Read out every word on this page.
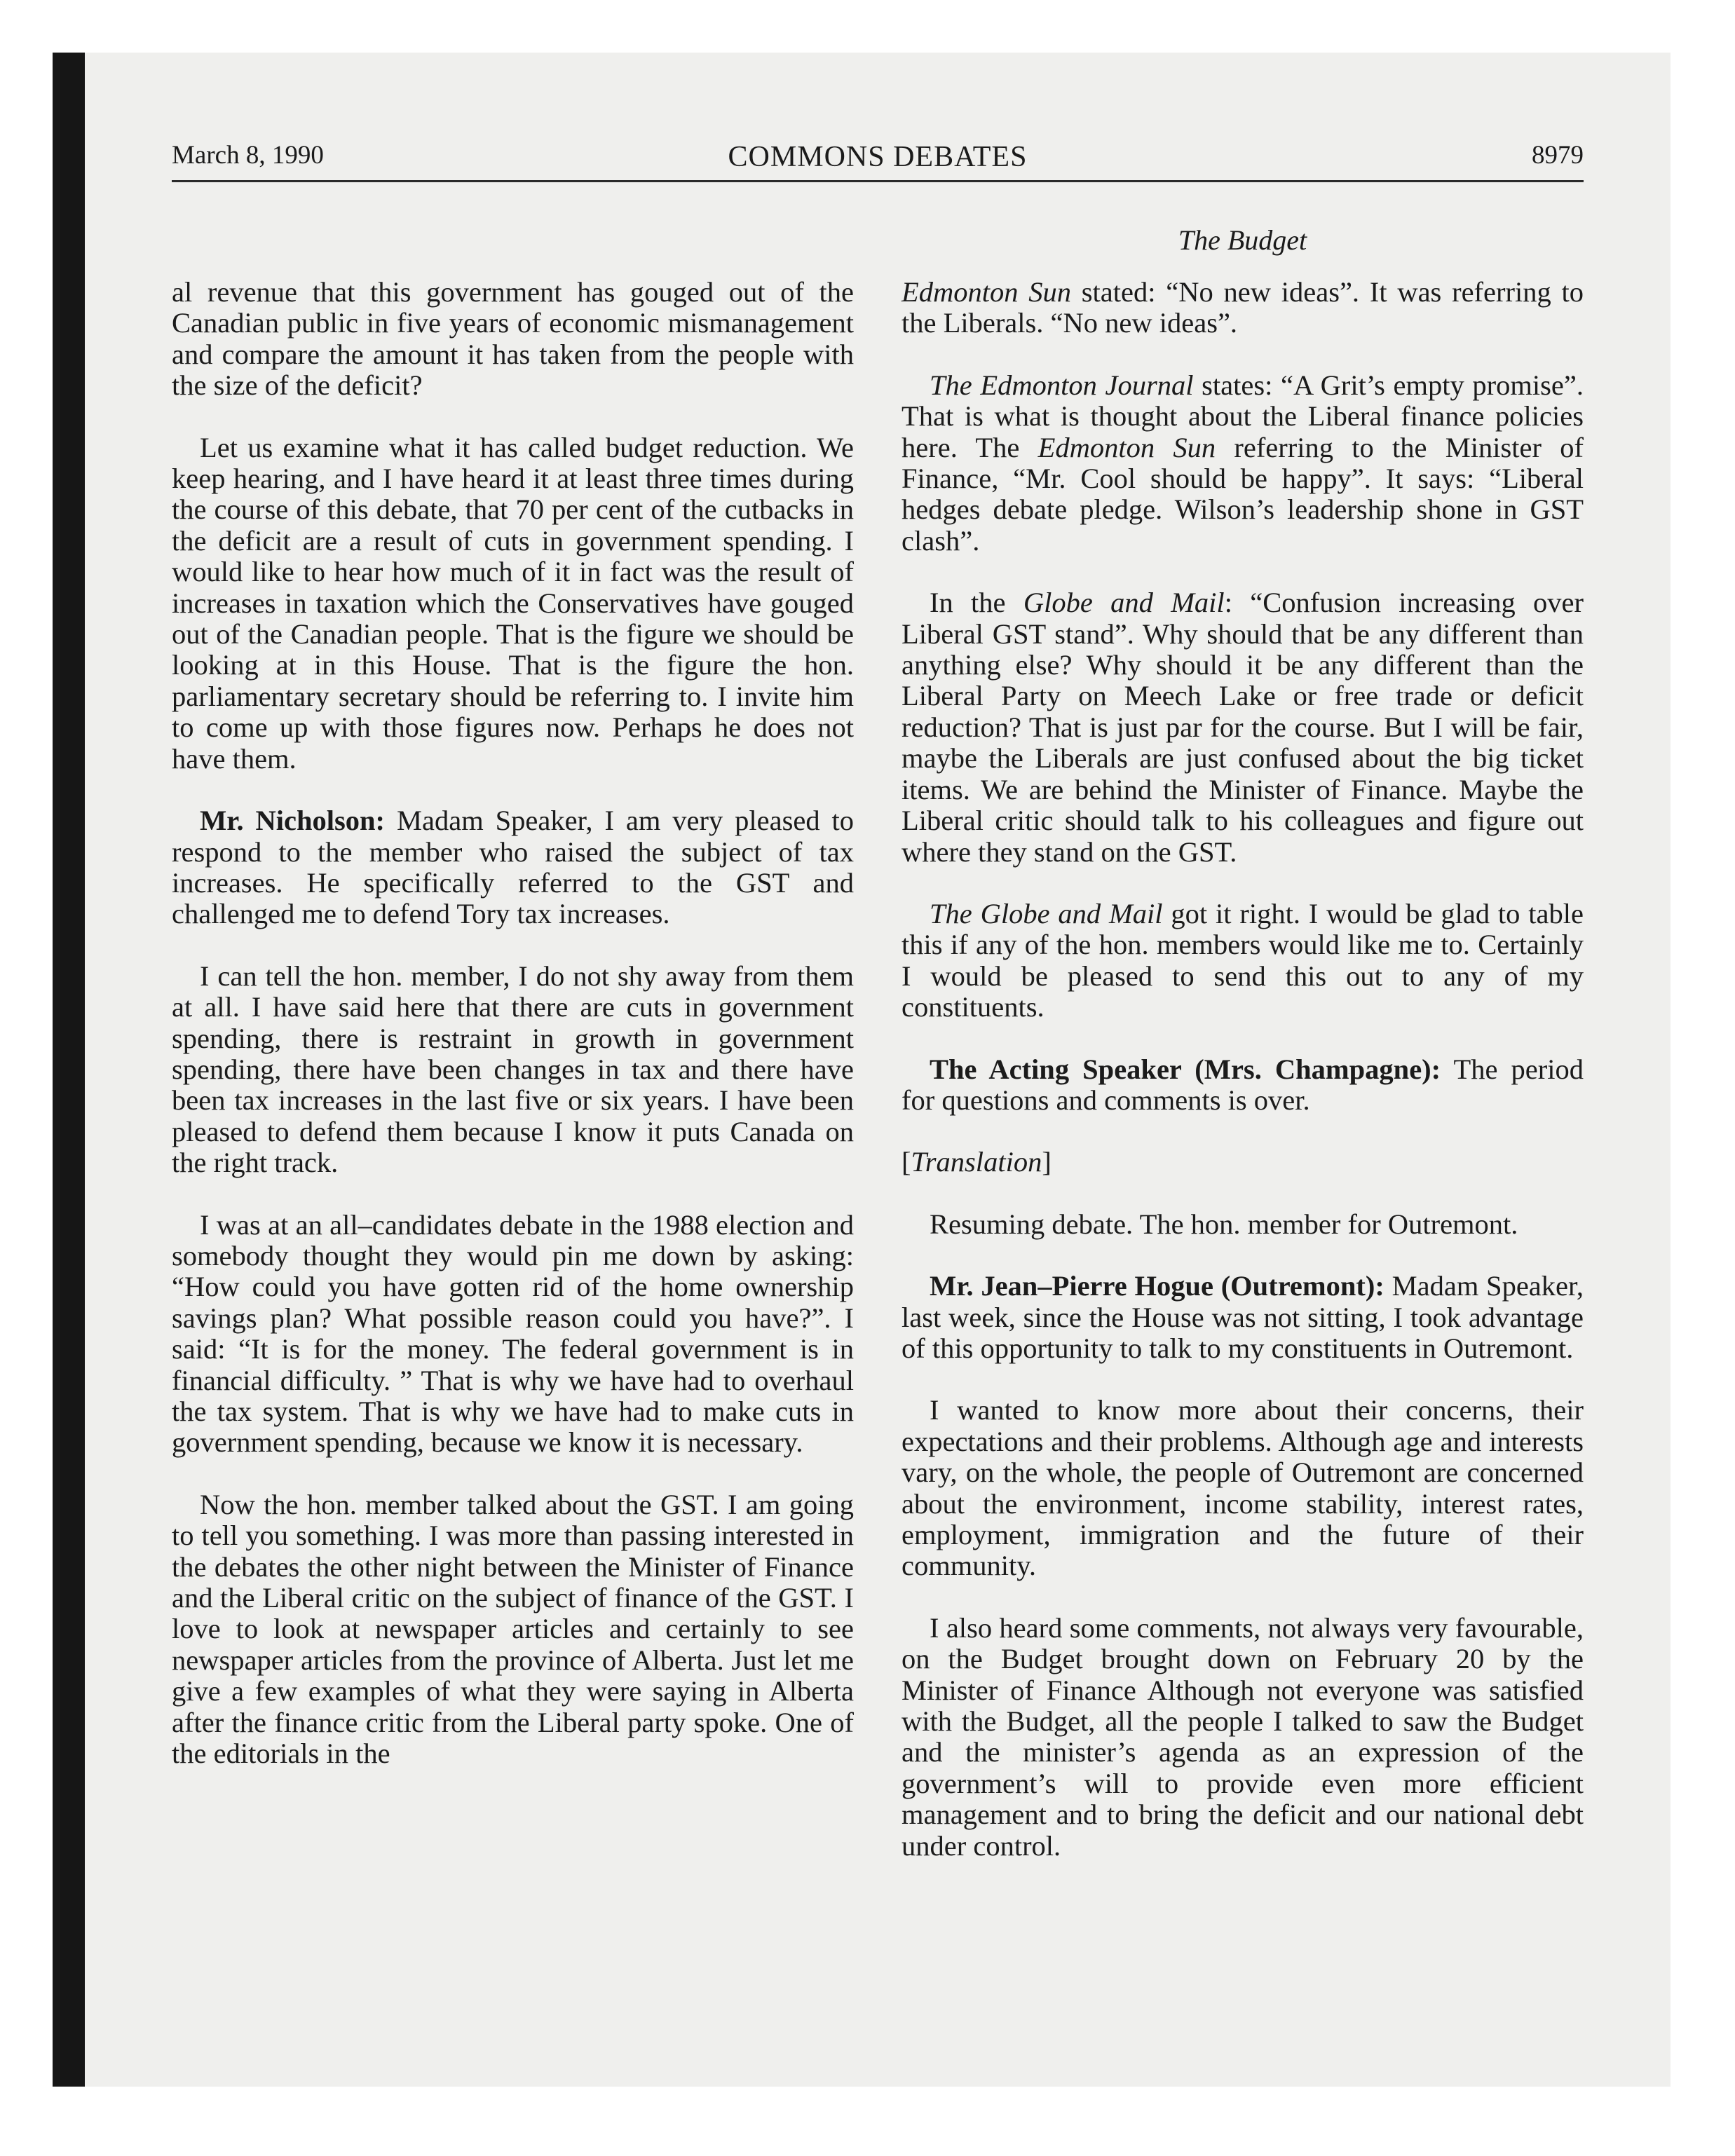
March 8, 1990	COMMONS DEBATES	8979
The Budget

al revenue that this government has gouged out of the Canadian public in five years of economic mismanagement and compare the amount it has taken from the people with the size of the deficit?

Let us examine what it has called budget reduction. We keep hearing, and I have heard it at least three times during the course of this debate, that 70 per cent of the cutbacks in the deficit are a result of cuts in government spending. I would like to hear how much of it in fact was the result of increases in taxation which the Conservatives have gouged out of the Canadian people. That is the figure we should be looking at in this House. That is the figure the hon. parliamentary secretary should be referring to. I invite him to come up with those figures now. Perhaps he does not have them.

Mr. Nicholson: Madam Speaker, I am very pleased to respond to the member who raised the subject of tax increases. He specifically referred to the GST and challenged me to defend Tory tax increases.

I can tell the hon. member, I do not shy away from them at all. I have said here that there are cuts in government spending, there is restraint in growth in government spending, there have been changes in tax and there have been tax increases in the last five or six years. I have been pleased to defend them because I know it puts Canada on the right track.

I was at an all–candidates debate in the 1988 election and somebody thought they would pin me down by asking: “How could you have gotten rid of the home ownership savings plan? What possible reason could you have?”. I said: “It is for the money. The federal government is in financial difficulty. ” That is why we have had to overhaul the tax system. That is why we have had to make cuts in government spending, because we know it is necessary.

Now the hon. member talked about the GST. I am going to tell you something. I was more than passing interested in the debates the other night between the Minister of Finance and the Liberal critic on the subject of finance of the GST. I love to look at newspaper articles and certainly to see newspaper articles from the province of Alberta. Just let me give a few examples of what they were saying in Alberta after the finance critic from the Liberal party spoke. One of the editorials in the

Edmonton Sun stated: “No new ideas”. It was referring to the Liberals. “No new ideas”.

The Edmonton Journal states: “A Grit’s empty promise”. That is what is thought about the Liberal finance policies here. The Edmonton Sun referring to the Minister of Finance, “Mr. Cool should be happy”. It says: “Liberal hedges debate pledge. Wilson’s leadership shone in GST clash”.

In the Globe and Mail: “Confusion increasing over Liberal GST stand”. Why should that be any different than anything else? Why should it be any different than the Liberal Party on Meech Lake or free trade or deficit reduction? That is just par for the course. But I will be fair, maybe the Liberals are just confused about the big ticket items. We are behind the Minister of Finance. Maybe the Liberal critic should talk to his colleagues and figure out where they stand on the GST.

The Globe and Mail got it right. I would be glad to table this if any of the hon. members would like me to. Certainly I would be pleased to send this out to any of my constituents.

The Acting Speaker (Mrs. Champagne): The period for questions and comments is over.

[Translation]

Resuming debate. The hon. member for Outremont.

Mr. Jean–Pierre Hogue (Outremont): Madam Speaker, last week, since the House was not sitting, I took advantage of this opportunity to talk to my constituents in Outremont.

I wanted to know more about their concerns, their expectations and their problems. Although age and interests vary, on the whole, the people of Outremont are concerned about the environment, income stability, interest rates, employment, immigration and the future of their community.

I also heard some comments, not always very favourable, on the Budget brought down on February 20 by the Minister of Finance Although not everyone was satisfied with the Budget, all the people I talked to saw the Budget and the minister’s agenda as an expression of the government’s will to provide even more efficient management and to bring the deficit and our national debt under control.
